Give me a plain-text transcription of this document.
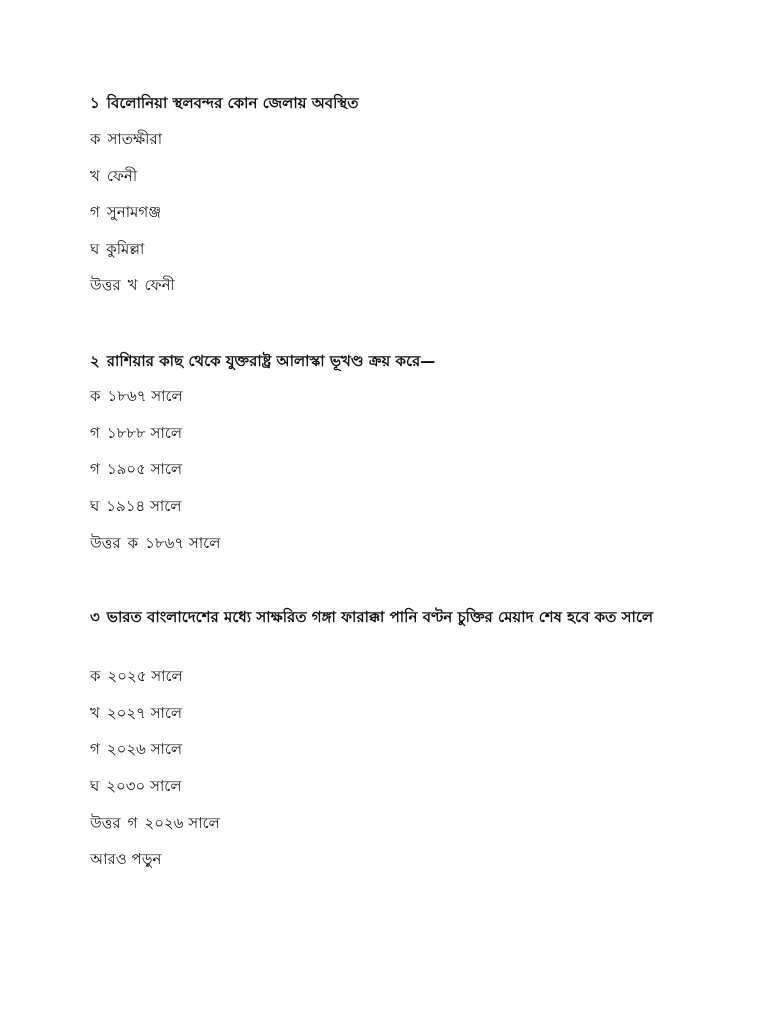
১ বিলোনিয়া স্থলবন্দর কোন জেলায় অবস্থিত
ক সাতক্ষীরা
খ ফেনী
গ সুনামগঞ্জ
ঘ কুমিল্লা
উত্তর খ ফেনী
২ রাশিয়ার কাছ থেকে যুক্তরাষ্ট্র আলাস্কা ভূখণ্ড ক্রয় করে—
ক ১৮৬৭ সালে
গ ১৮৮৮ সালে
গ ১৯০৫ সালে
ঘ ১৯১৪ সালে
উত্তর ক ১৮৬৭ সালে
৩ ভারত বাংলাদেশের মধ্যে সাক্ষরিত গঙ্গা ফারাক্কা পানি বণ্টন চুক্তির মেয়াদ শেষ হবে কত সালে
ক ২০২৫ সালে
খ ২০২৭ সালে
গ ২০২৬ সালে
ঘ ২০৩০ সালে
উত্তর গ ২০২৬ সালে
আরও পড়ুন
